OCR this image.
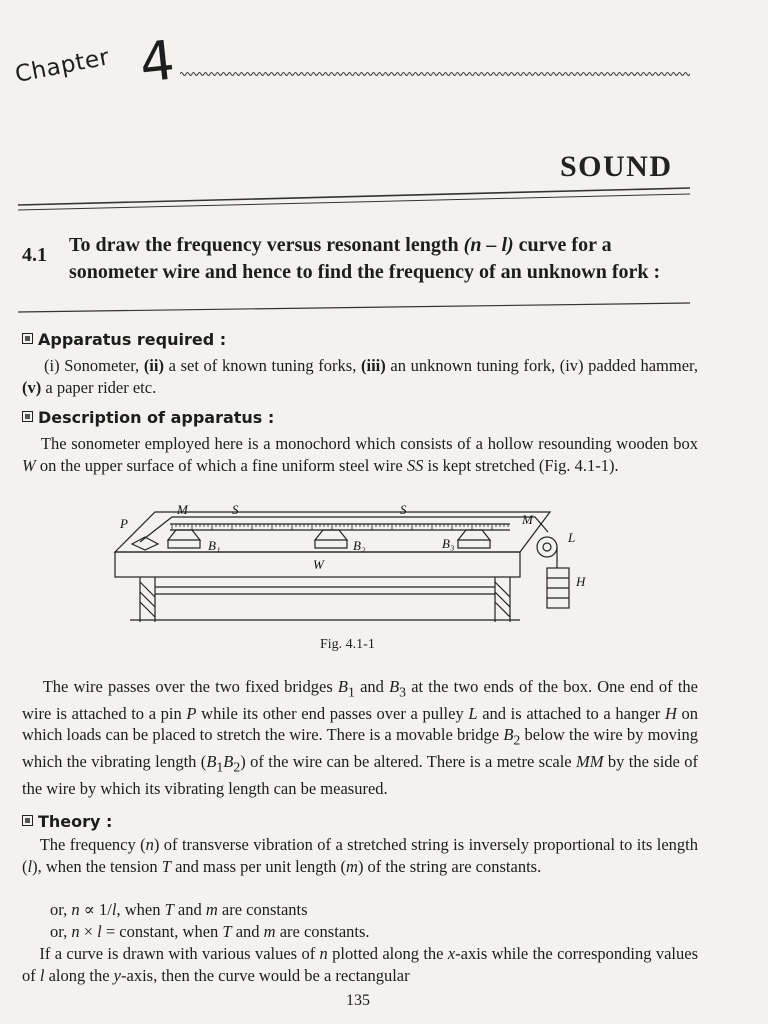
Chapter 4
SOUND
4.1 To draw the frequency versus resonant length (n – l) curve for a sonometer wire and hence to find the frequency of an unknown fork :
Apparatus required :
(i) Sonometer, (ii) a set of known tuning forks, (iii) an unknown tuning fork, (iv) padded hammer, (v) a paper rider etc.
Description of apparatus :
The sonometer employed here is a monochord which consists of a hollow resounding wooden box W on the upper surface of which a fine uniform steel wire SS is kept stretched (Fig. 4.1-1).
P
M	S	S
M
B₁	B₂	B₃
W
L
H
Fig. 4.1-1
The wire passes over the two fixed bridges $B_1$ and $B_3$ at the two ends of the box. One end of the wire is attached to a pin P while its other end passes over a pulley L and is attached to a hanger H on which loads can be placed to stretch the wire. There is a movable bridge $B_2$ below the wire by moving which the vibrating length $(B_1B_2)$ of the wire can be altered. There is a metre scale MM by the side of the wire by which its vibrating length can be measured.
Theory :
The frequency (n) of transverse vibration of a stretched string is inversely proportional to its length (l), when the tension T and mass per unit length (m) of the string are constants.
or, n ∝ 1/l, when T and m are constants
or, n × l = constant, when T and m are constants.
If a curve is drawn with various values of n plotted along the x-axis while the corresponding values of l along the y-axis, then the curve would be a rectangular
135
